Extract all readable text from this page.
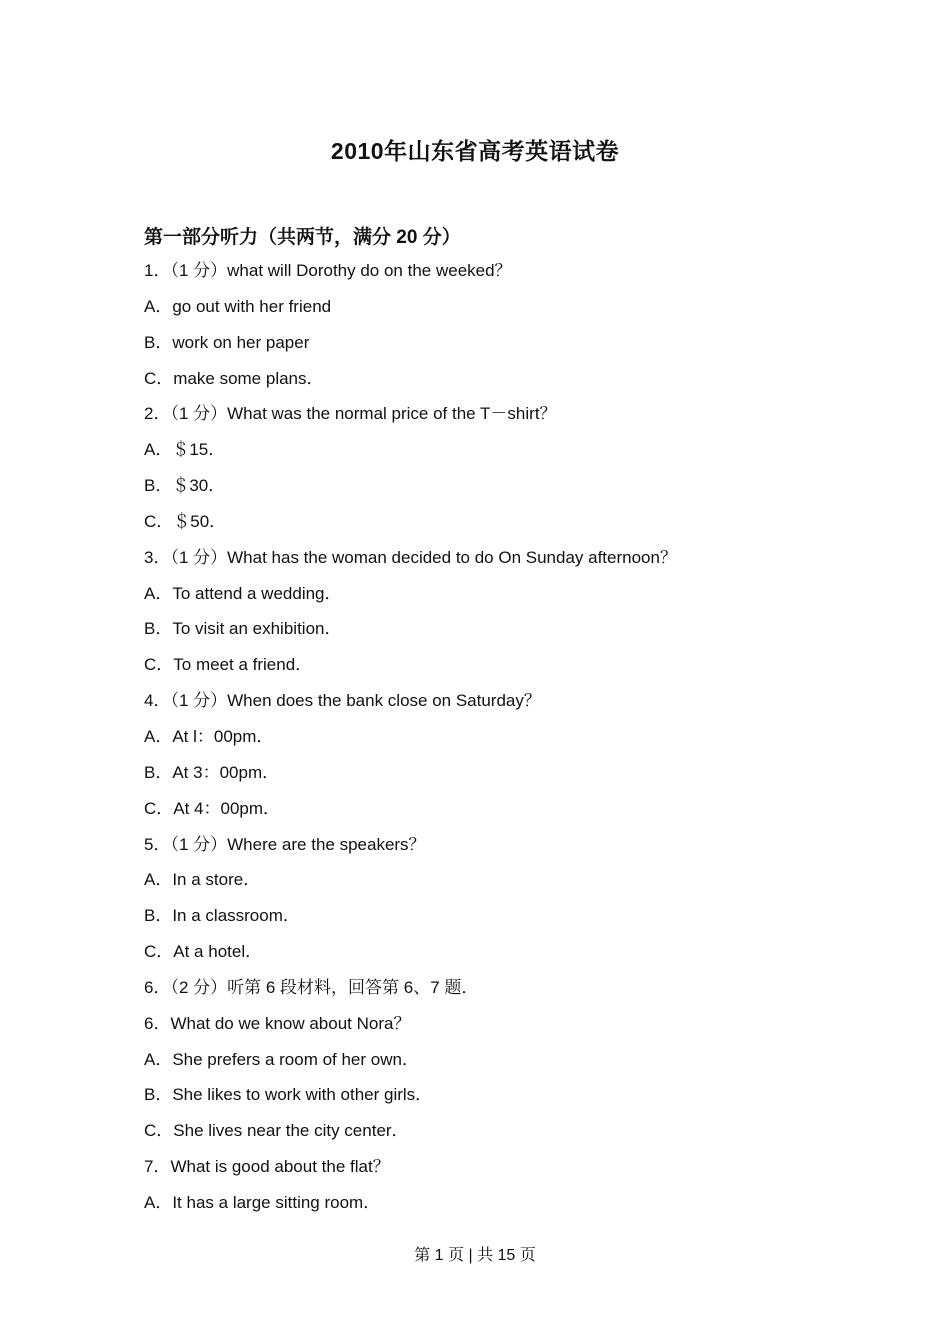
2010年山东省高考英语试卷
第一部分听力（共两节，满分 20 分）
1．（1 分）what will Dorothy do on the weeked？
A．go out with her friend
B．work on her paper
C．make some plans．
2．（1 分）What was the normal price of the T－shirt？
A．＄15．
B．＄30．
C．＄50．
3．（1 分）What has the woman decided to do On Sunday afternoon？
A．To attend a wedding．
B．To visit an exhibition．
C．To meet a friend．
4．（1 分）When does the bank close on Saturday？
A．At l：00pm．
B．At 3：00pm．
C．At 4：00pm．
5．（1 分）Where are the speakers？
A．In a store．
B．In a classroom．
C．At a hotel．
6．（2 分）听第 6 段材料，回答第 6、7 题．
6．What do we know about Nora？
A．She prefers a room of her own．
B．She likes to work with other girls．
C．She lives near the city center．
7．What is good about the flat？
A．It has a large sitting room．

第 1 页 | 共 15 页
